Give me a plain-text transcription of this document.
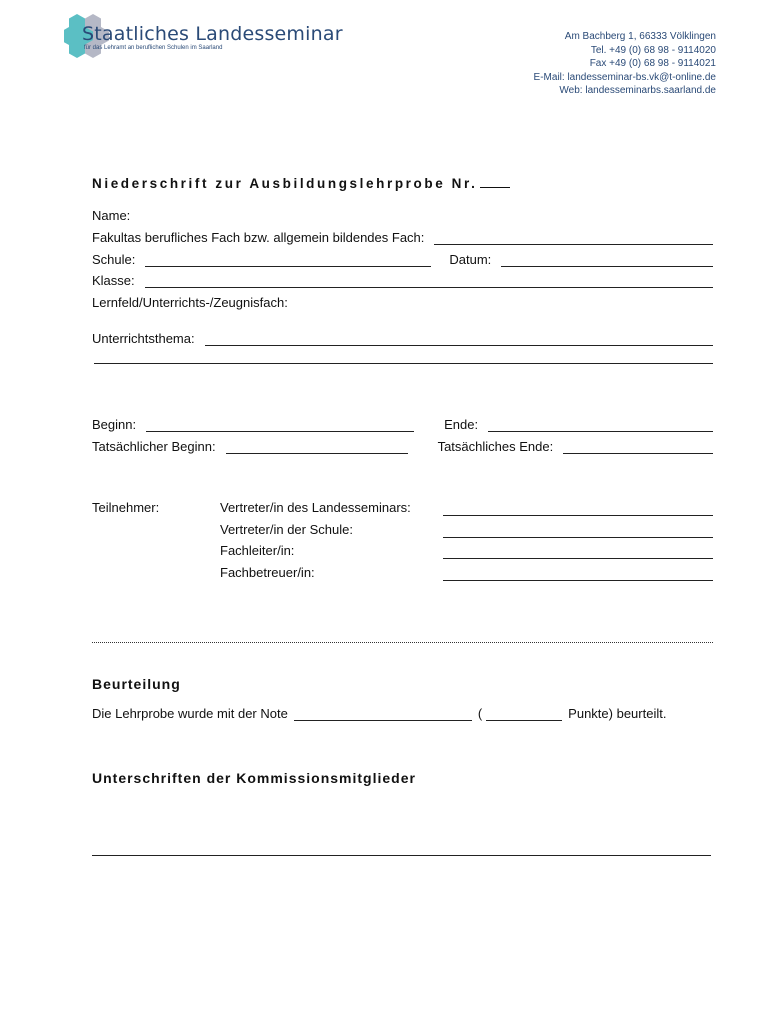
Staatliches Landesseminar
für das Lehramt an beruflichen Schulen im Saarland
Am Bachberg 1, 66333 Völklingen
Tel. +49 (0) 68 98 - 9114020
Fax +49 (0) 68 98 - 9114021
E-Mail: landesseminar-bs.vk@t-online.de
Web: landesseminarbs.saarland.de
Niederschrift zur Ausbildungslehrprobe Nr.
Name:
Fakultas berufliches Fach bzw. allgemein bildendes Fach:
Schule:	Datum:
Klasse:
Lernfeld/Unterrichts-/Zeugnisfach:
Unterrichtsthema:
Beginn:	Ende:
Tatsächlicher Beginn:	Tatsächliches Ende:
Teilnehmer:	Vertreter/in des Landesseminars:
Vertreter/in der Schule:
Fachleiter/in:
Fachbetreuer/in:
Beurteilung
Die Lehrprobe wurde mit der Note	(	Punkte) beurteilt.
Unterschriften der Kommissionsmitglieder
